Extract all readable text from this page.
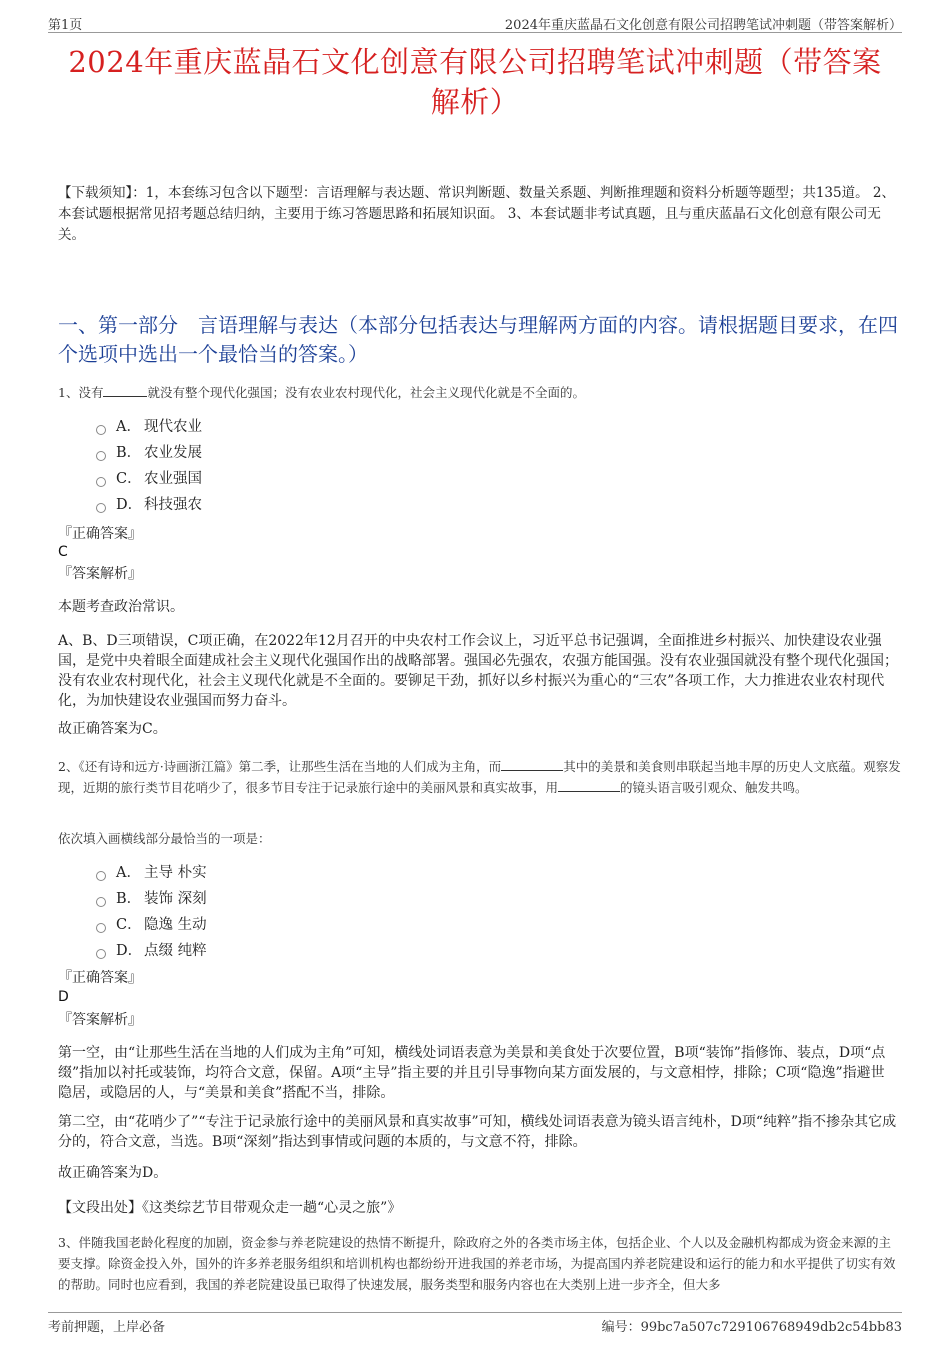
第1页	2024年重庆蓝晶石文化创意有限公司招聘笔试冲刺题（带答案解析）
2024年重庆蓝晶石文化创意有限公司招聘笔试冲刺题（带答案解析）
【下载须知】：1，本套练习包含以下题型：言语理解与表达题、常识判断题、数量关系题、判断推理题和资料分析题等题型；共135道。 2、本套试题根据常见招考题总结归纳，主要用于练习答题思路和拓展知识面。 3、本套试题非考试真题，且与重庆蓝晶石文化创意有限公司无关。
一、第一部分　言语理解与表达（本部分包括表达与理解两方面的内容。请根据题目要求，在四个选项中选出一个最恰当的答案。）
1、没有	就没有整个现代化强国；没有农业农村现代化，社会主义现代化就是不全面的。
A． 现代农业
B． 农业发展
C． 农业强国
D． 科技强农
『正确答案』
C
『答案解析』
本题考查政治常识。
A、B、D三项错误，C项正确，在2022年12月召开的中央农村工作会议上，习近平总书记强调，全面推进乡村振兴、加快建设农业强国，是党中央着眼全面建成社会主义现代化强国作出的战略部署。强国必先强农，农强方能国强。没有农业强国就没有整个现代化强国；没有农业农村现代化，社会主义现代化就是不全面的。要铆足干劲，抓好以乡村振兴为重心的“三农”各项工作，大力推进农业农村现代化，为加快建设农业强国而努力奋斗。
故正确答案为C。
2、《还有诗和远方·诗画浙江篇》第二季，让那些生活在当地的人们成为主角，而	其中的美景和美食则串联起当地丰厚的历史人文底蕴。观察发现，近期的旅行类节目花哨少了，很多节目专注于记录旅行途中的美丽风景和真实故事，用	的镜头语言吸引观众、触发共鸣。
依次填入画横线部分最恰当的一项是：
A． 主导 朴实
B． 装饰 深刻
C． 隐逸 生动
D． 点缀 纯粹
『正确答案』
D
『答案解析』
第一空，由“让那些生活在当地的人们成为主角”可知，横线处词语表意为美景和美食处于次要位置，B项“装饰”指修饰、装点，D项“点缀”指加以衬托或装饰，均符合文意，保留。A项“主导”指主要的并且引导事物向某方面发展的，与文意相悖，排除；C项“隐逸”指避世隐居，或隐居的人，与“美景和美食”搭配不当，排除。
第二空，由“花哨少了”“专注于记录旅行途中的美丽风景和真实故事”可知，横线处词语表意为镜头语言纯朴，D项“纯粹”指不掺杂其它成分的，符合文意，当选。B项“深刻”指达到事情或问题的本质的，与文意不符，排除。
故正确答案为D。
【文段出处】《这类综艺节目带观众走一趟“心灵之旅”》
3、伴随我国老龄化程度的加剧，资金参与养老院建设的热情不断提升，除政府之外的各类市场主体，包括企业、个人以及金融机构都成为资金来源的主要支撑。除资金投入外，国外的许多养老服务组织和培训机构也都纷纷开进我国的养老市场，为提高国内养老院建设和运行的能力和水平提供了切实有效的帮助。同时也应看到，我国的养老院建设虽已取得了快速发展，服务类型和服务内容也在大类别上进一步齐全，但大多
考前押题，上岸必备	编号：99bc7a507c729106768949db2c54bb83
